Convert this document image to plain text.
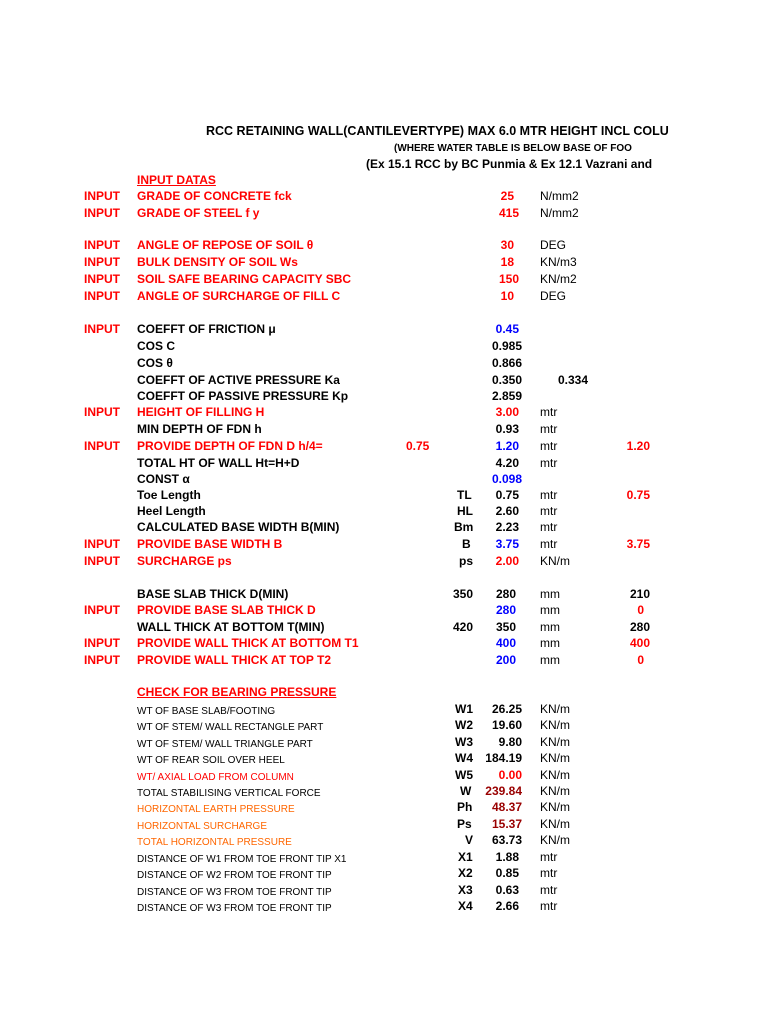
RCC RETAINING WALL(CANTILEVERTYPE) MAX 6.0 MTR HEIGHT INCL COLU
(WHERE WATER TABLE IS BELOW BASE OF FOO
(Ex 15.1 RCC by BC Punmia & Ex 12.1 Vazrani and
INPUT DATAS
INPUT GRADE OF CONCRETE fck	25 N/mm2
INPUT GRADE OF STEEL f y	415 N/mm2
INPUT ANGLE OF REPOSE OF SOIL θ	30 DEG
INPUT BULK DENSITY OF SOIL Ws	18 KN/m3
INPUT SOIL SAFE BEARING CAPACITY SBC	150 KN/m2
INPUT ANGLE OF SURCHARGE OF FILL C	10 DEG
INPUT COEFFT OF FRICTION μ	0.45
COS C	0.985
COS θ	0.866
COEFFT OF ACTIVE PRESSURE Ka	0.350	0.334
COEFFT OF PASSIVE PRESSURE Kp	2.859
INPUT HEIGHT OF FILLING H	3.00 mtr
MIN DEPTH OF FDN h	0.93 mtr
INPUT PROVIDE DEPTH OF FDN D h/4=	0.75	1.20 mtr	1.20
TOTAL HT OF WALL Ht=H+D	4.20 mtr
CONST α	0.098
Toe Length	TL	0.75 mtr	0.75
Heel Length	HL	2.60 mtr
CALCULATED BASE WIDTH B(MIN)	Bm	2.23 mtr
INPUT PROVIDE BASE WIDTH B	B	3.75 mtr	3.75
INPUT SURCHARGE ps	ps	2.00 KN/m
BASE SLAB THICK D(MIN)	350	280 mm	210
INPUT PROVIDE BASE SLAB THICK D	280 mm	0
WALL THICK AT BOTTOM T(MIN)	420	350 mm	280
INPUT PROVIDE WALL THICK AT BOTTOM T1	400 mm	400
INPUT PROVIDE WALL THICK AT TOP T2	200 mm	0
CHECK FOR BEARING PRESSURE
WT OF BASE SLAB/FOOTING	W1	26.25 KN/m
WT OF STEM/ WALL RECTANGLE PART	W2	19.60 KN/m
WT OF STEM/ WALL TRIANGLE PART	W3	9.80 KN/m
WT OF REAR SOIL OVER HEEL	W4	184.19 KN/m
WT/ AXIAL LOAD FROM COLUMN	W5	0.00 KN/m
TOTAL STABILISING VERTICAL FORCE	W	239.84 KN/m
HORIZONTAL EARTH PRESSURE	Ph	48.37 KN/m
HORIZONTAL SURCHARGE	Ps	15.37 KN/m
TOTAL HORIZONTAL PRESSURE	V	63.73 KN/m
DISTANCE OF W1 FROM TOE FRONT TIP X1	X1	1.88 mtr
DISTANCE OF W2 FROM TOE FRONT TIP	X2	0.85 mtr
DISTANCE OF W3 FROM TOE FRONT TIP	X3	0.63 mtr
DISTANCE OF W3 FROM TOE FRONT TIP	X4	2.66 mtr
